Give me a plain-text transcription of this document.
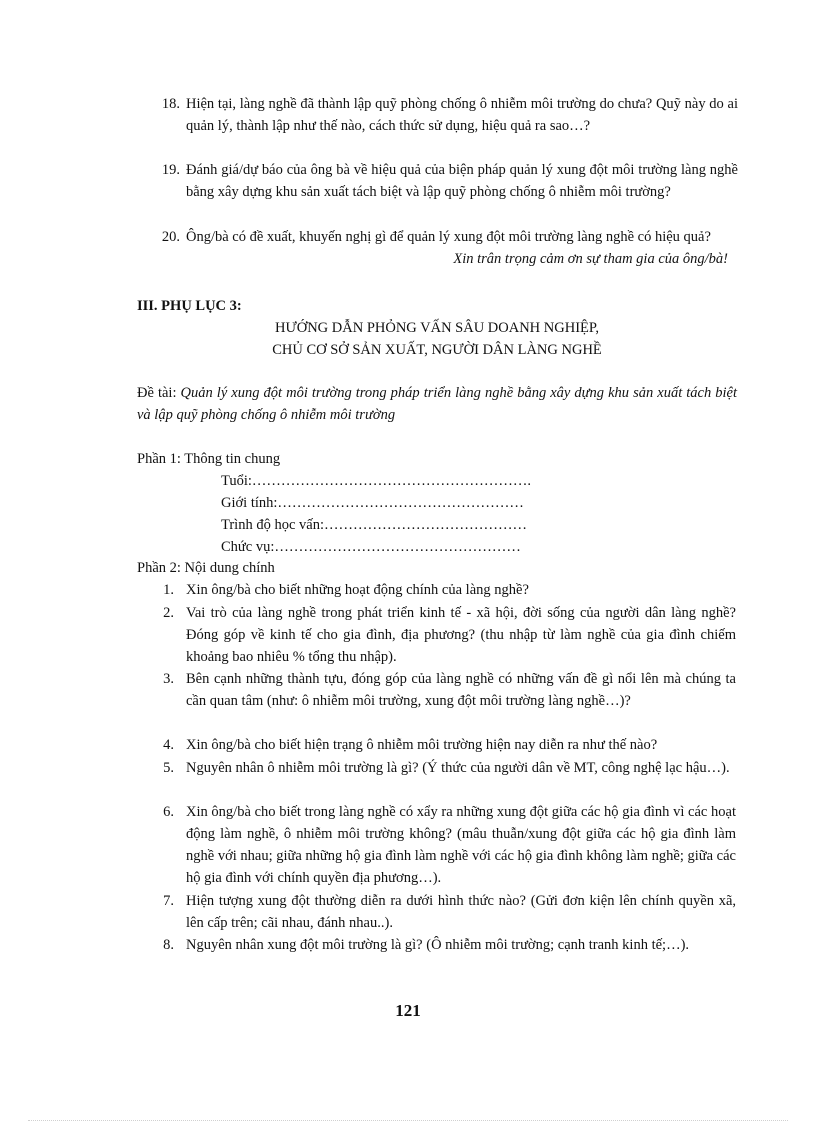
18. Hiện tại, làng nghề đã thành lập quỹ phòng chống ô nhiễm môi trường do chưa? Quỹ này do ai quản lý, thành lập như thế nào, cách thức sử dụng, hiệu quả ra sao…?
19. Đánh giá/dự báo của ông bà về hiệu quả của biện pháp quản lý xung đột môi trường làng nghề bằng xây dựng khu sản xuất tách biệt và lập quỹ phòng chống ô nhiễm môi trường?
20. Ông/bà có đề xuất, khuyến nghị gì để quản lý xung đột môi trường làng nghề có hiệu quả?
Xin trân trọng cảm ơn sự tham gia của ông/bà!
III. PHỤ LỤC 3:
HƯỚNG DẪN PHỎNG VẤN SÂU DOANH NGHIỆP,
CHỦ CƠ SỞ SẢN XUẤT, NGƯỜI DÂN LÀNG NGHỀ
Đề tài: Quản lý xung đột môi trường trong pháp triển làng nghề bằng xây dựng khu sản xuất tách biệt và lập quỹ phòng chống ô nhiễm môi trường
Phần 1: Thông tin chung
Tuổi:………………………………………………….
Giới tính:……………………………………………
Trình độ học vấn:……………………………………
Chức vụ:……………………………………………
Phần 2: Nội dung chính
1. Xin ông/bà cho biết những hoạt động chính của làng nghề?
2. Vai trò của làng nghề trong phát triển kinh tế - xã hội, đời sống của người dân làng nghề? Đóng góp về kinh tế cho gia đình, địa phương? (thu nhập từ làm nghề của gia đình chiếm khoảng bao nhiêu % tổng thu nhập).
3. Bên cạnh những thành tựu, đóng góp của làng nghề có những vấn đề gì nổi lên mà chúng ta cần quan tâm (như: ô nhiễm môi trường, xung đột môi trường làng nghề…)?
4. Xin ông/bà cho biết hiện trạng ô nhiễm môi trường hiện nay diễn ra như thế nào?
5. Nguyên nhân ô nhiễm môi trường là gì? (Ý thức của người dân về MT, công nghệ lạc hậu…).
6. Xin ông/bà cho biết trong làng nghề có xẩy ra những xung đột giữa các hộ gia đình vì các hoạt động làm nghề, ô nhiễm môi trường không? (mâu thuẫn/xung đột giữa các hộ gia đình làm nghề với nhau; giữa những hộ gia đình làm nghề với các hộ gia đình không làm nghề; giữa các hộ gia đình với chính quyền địa phương…).
7. Hiện tượng xung đột thường diễn ra dưới hình thức nào? (Gửi đơn kiện lên chính quyền xã, lên cấp trên; cãi nhau, đánh nhau..).
8. Nguyên nhân xung đột môi trường là gì? (Ô nhiễm môi trường; cạnh tranh kinh tế;…).
121
